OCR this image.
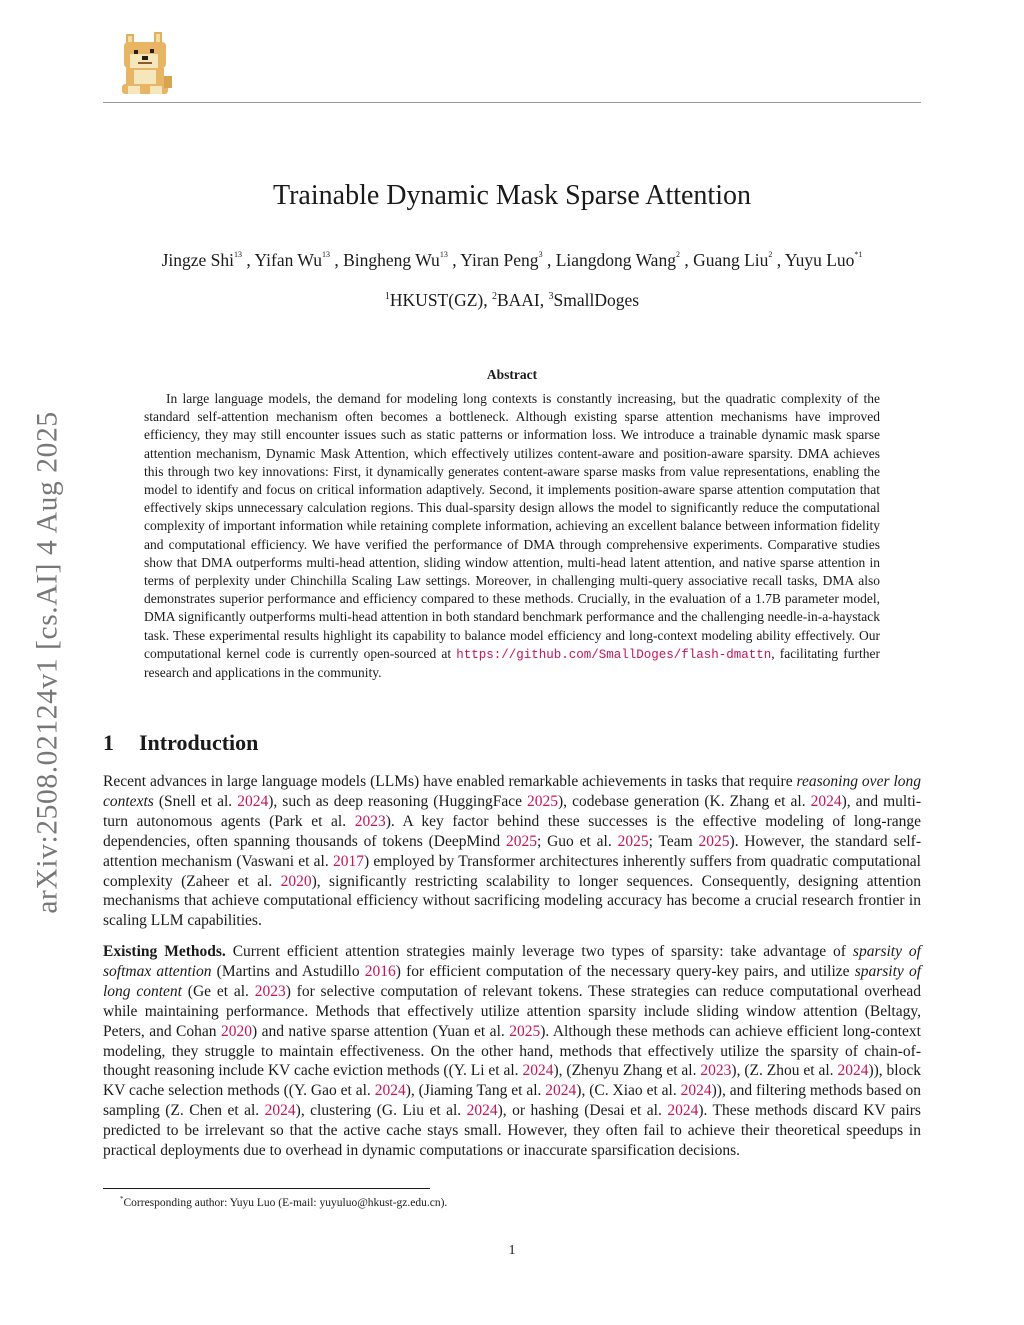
arXiv:2508.02124v1 [cs.AI] 4 Aug 2025
Trainable Dynamic Mask Sparse Attention
Jingze Shi$^{13}$ , Yifan Wu$^{13}$ , Bingheng Wu$^{13}$ , Yiran Peng$^3$ , Liangdong Wang$^2$ , Guang Liu$^2$ , Yuyu Luo$^{*1}$
$^1$HKUST(GZ), $^2$BAAI, $^3$SmallDoges
Abstract

In large language models, the demand for modeling long contexts is constantly increasing, but the quadratic complexity of the standard self-attention mechanism often becomes a bottleneck. Although existing sparse attention mechanisms have improved efficiency, they may still encounter issues such as static patterns or information loss. We introduce a trainable dynamic mask sparse attention mechanism, Dynamic Mask Attention, which effectively utilizes content-aware and position-aware sparsity. DMA achieves this through two key innovations: First, it dynamically generates content-aware sparse masks from value representations, enabling the model to identify and focus on critical information adaptively. Second, it implements position-aware sparse attention computation that effectively skips unnecessary calculation regions. This dual-sparsity design allows the model to significantly reduce the computational complexity of important information while retaining complete information, achieving an excellent balance between information fidelity and computational efficiency. We have verified the performance of DMA through comprehensive experiments. Comparative studies show that DMA outperforms multi-head attention, sliding window attention, multi-head latent attention, and native sparse attention in terms of perplexity under Chinchilla Scaling Law settings. Moreover, in challenging multi-query associative recall tasks, DMA also demonstrates superior performance and efficiency compared to these methods. Crucially, in the evaluation of a 1.7B parameter model, DMA significantly outperforms multi-head attention in both standard benchmark performance and the challenging needle-in-a-haystack task. These experimental results highlight its capability to balance model efficiency and long-context modeling ability effectively. Our computational kernel code is currently open-sourced at https://github.com/SmallDoges/flash-dmattn, facilitating further research and applications in the community.

1 Introduction

Recent advances in large language models (LLMs) have enabled remarkable achievements in tasks that require reasoning over long contexts (Snell et al. 2024), such as deep reasoning (HuggingFace 2025), codebase generation (K. Zhang et al. 2024), and multi-turn autonomous agents (Park et al. 2023). A key factor behind these successes is the effective modeling of long-range dependencies, often spanning thousands of tokens (DeepMind 2025; Guo et al. 2025; Team 2025). However, the standard self-attention mechanism (Vaswani et al. 2017) employed by Transformer architectures inherently suffers from quadratic computational complexity (Zaheer et al. 2020), significantly restricting scalability to longer sequences. Consequently, designing attention mechanisms that achieve computational efficiency without sacrificing modeling accuracy has become a crucial research frontier in scaling LLM capabilities.

Existing Methods. Current efficient attention strategies mainly leverage two types of sparsity: take advantage of sparsity of softmax attention (Martins and Astudillo 2016) for efficient computation of the necessary query-key pairs, and utilize sparsity of long content (Ge et al. 2023) for selective computation of relevant tokens. These strategies can reduce computational overhead while maintaining performance. Methods that effectively utilize attention sparsity include sliding window attention (Beltagy, Peters, and Cohan 2020) and native sparse attention (Yuan et al. 2025). Although these methods can achieve efficient long-context modeling, they struggle to maintain effectiveness. On the other hand, methods that effectively utilize the sparsity of chain-of-thought reasoning include KV cache eviction methods ((Y. Li et al. 2024), (Zhenyu Zhang et al. 2023), (Z. Zhou et al. 2024)), block KV cache selection methods ((Y. Gao et al. 2024), (Jiaming Tang et al. 2024), (C. Xiao et al. 2024)), and filtering methods based on sampling (Z. Chen et al. 2024), clustering (G. Liu et al. 2024), or hashing (Desai et al. 2024). These methods discard KV pairs predicted to be irrelevant so that the active cache stays small. However, they often fail to achieve their theoretical speedups in practical deployments due to overhead in dynamic computations or inaccurate sparsification decisions.

*Corresponding author: Yuyu Luo (E-mail: yuyuluo@hkust-gz.edu.cn).
1
